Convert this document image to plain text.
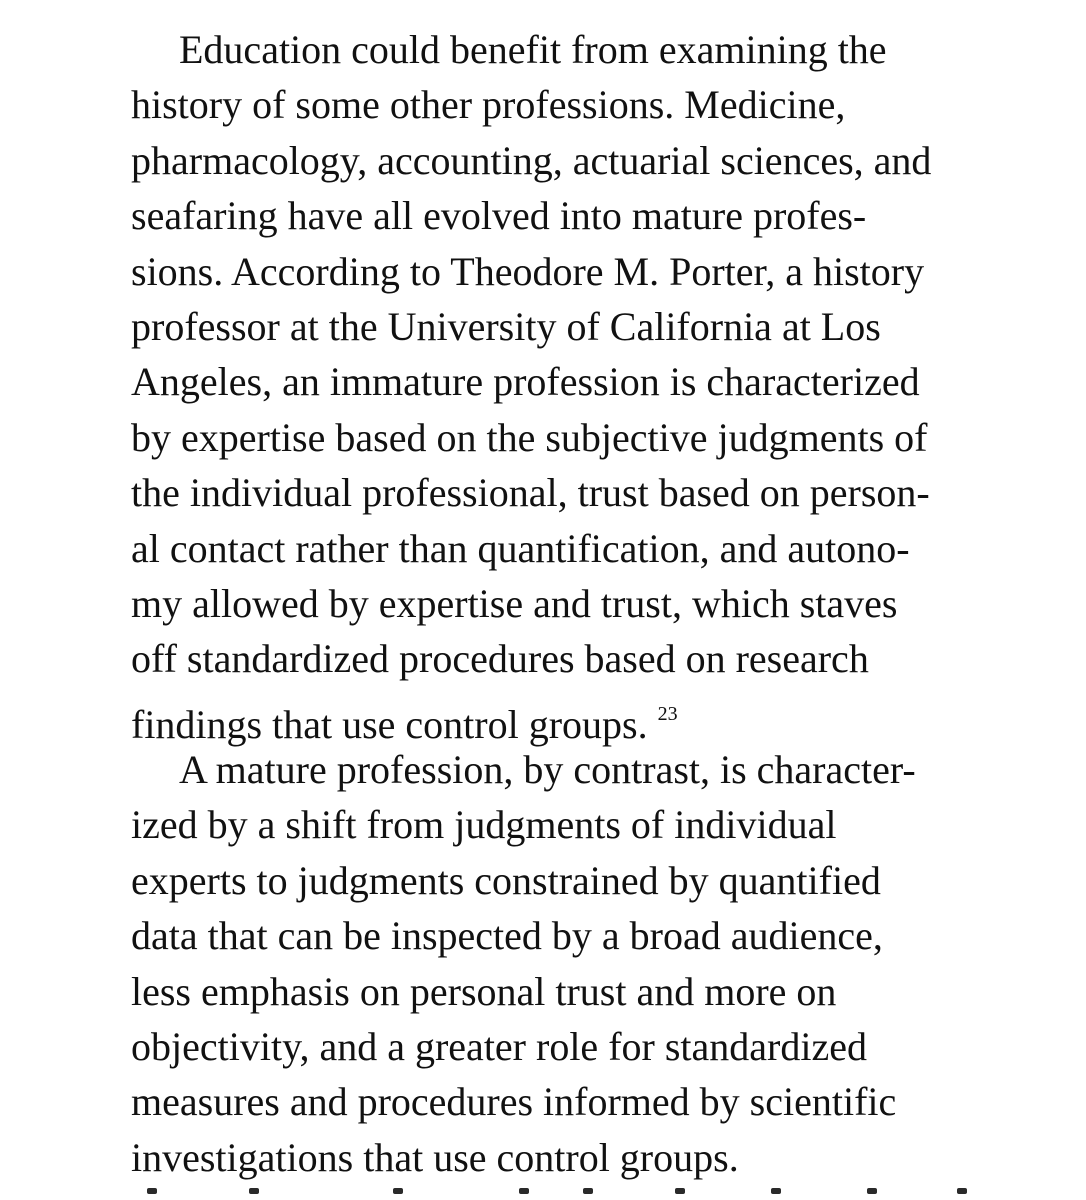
Education could benefit from examining the
history of some other professions. Medicine,
pharmacology, accounting, actuarial sciences, and
seafaring have all evolved into mature profes-
sions. According to Theodore M. Porter, a history
professor at the University of California at Los
Angeles, an immature profession is characterized
by expertise based on the subjective judgments of
the individual professional, trust based on person-
al contact rather than quantification, and autono-
my allowed by expertise and trust, which staves
off standardized procedures based on research
findings that use control groups. $^{23}$
A mature profession, by contrast, is character-
ized by a shift from judgments of individual
experts to judgments constrained by quantified
data that can be inspected by a broad audience,
less emphasis on personal trust and more on
objectivity, and a greater role for standardized
measures and procedures informed by scientific
investigations that use control groups.
